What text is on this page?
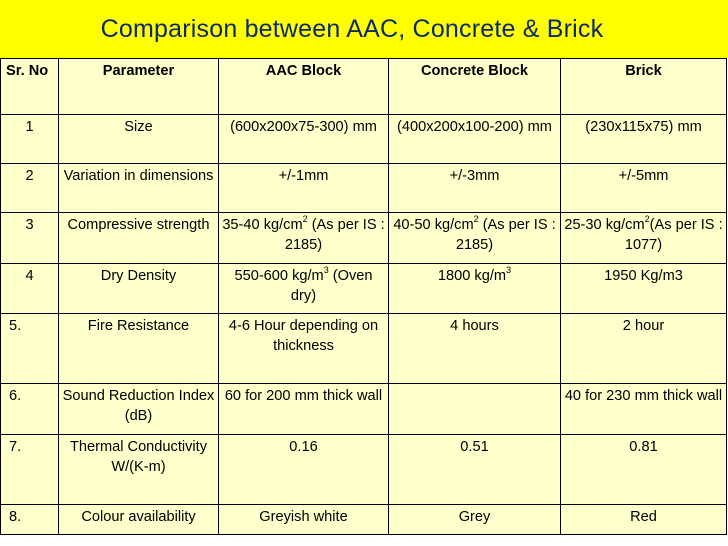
Comparison between AAC, Concrete & Brick
Sr. No	Parameter	AAC Block	Concrete Block	Brick
1	Size	(600x200x75-300) mm	(400x200x100-200) mm	(230x115x75) mm
2	Variation in dimensions	+/-1mm	+/-3mm	+/-5mm
3	Compressive strength	35-40 $kg/cm^2$ (As per IS : 2185)	40-50 $kg/cm^2$ (As per IS : 2185)	25-30 $kg/cm^2(As$ per IS : 1077)
4	Dry Density	550-600 $kg/m^3$ (Oven dry)	1800 $kg/m^3$	1950 Kg/m3
5.	Fire Resistance	4-6 Hour depending on thickness	4 hours	2 hour
6.	Sound Reduction Index (dB)	60 for 200 mm thick wall		40 for 230 mm thick wall
7.	Thermal Conductivity W/(K-m)	0.16	0.51	0.81
8.	Colour availability	Greyish white	Grey	Red
